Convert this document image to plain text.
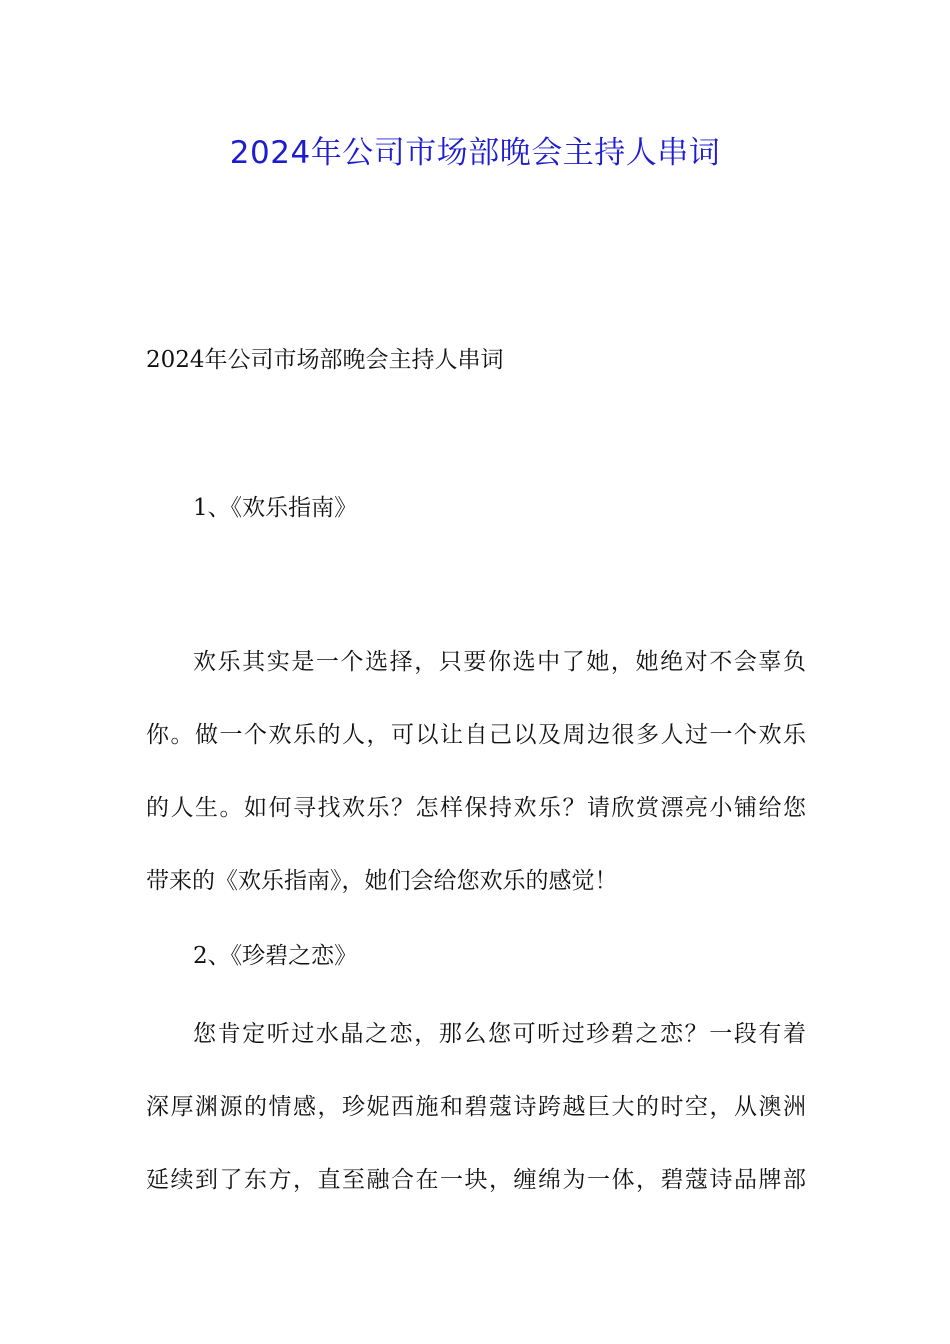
2024年公司市场部晚会主持人串词
2024年公司市场部晚会主持人串词
1、《欢乐指南》
欢乐其实是一个选择，只要你选中了她，她绝对不会辜负
你。做一个欢乐的人，可以让自己以及周边很多人过一个欢乐
的人生。如何寻找欢乐？怎样保持欢乐？请欣赏漂亮小铺给您
带来的《欢乐指南》，她们会给您欢乐的感觉！
2、《珍碧之恋》
您肯定听过水晶之恋，那么您可听过珍碧之恋？一段有着
深厚渊源的情感，珍妮西施和碧蔻诗跨越巨大的时空，从澳洲
延续到了东方，直至融合在一块，缠绵为一体，碧蔻诗品牌部
